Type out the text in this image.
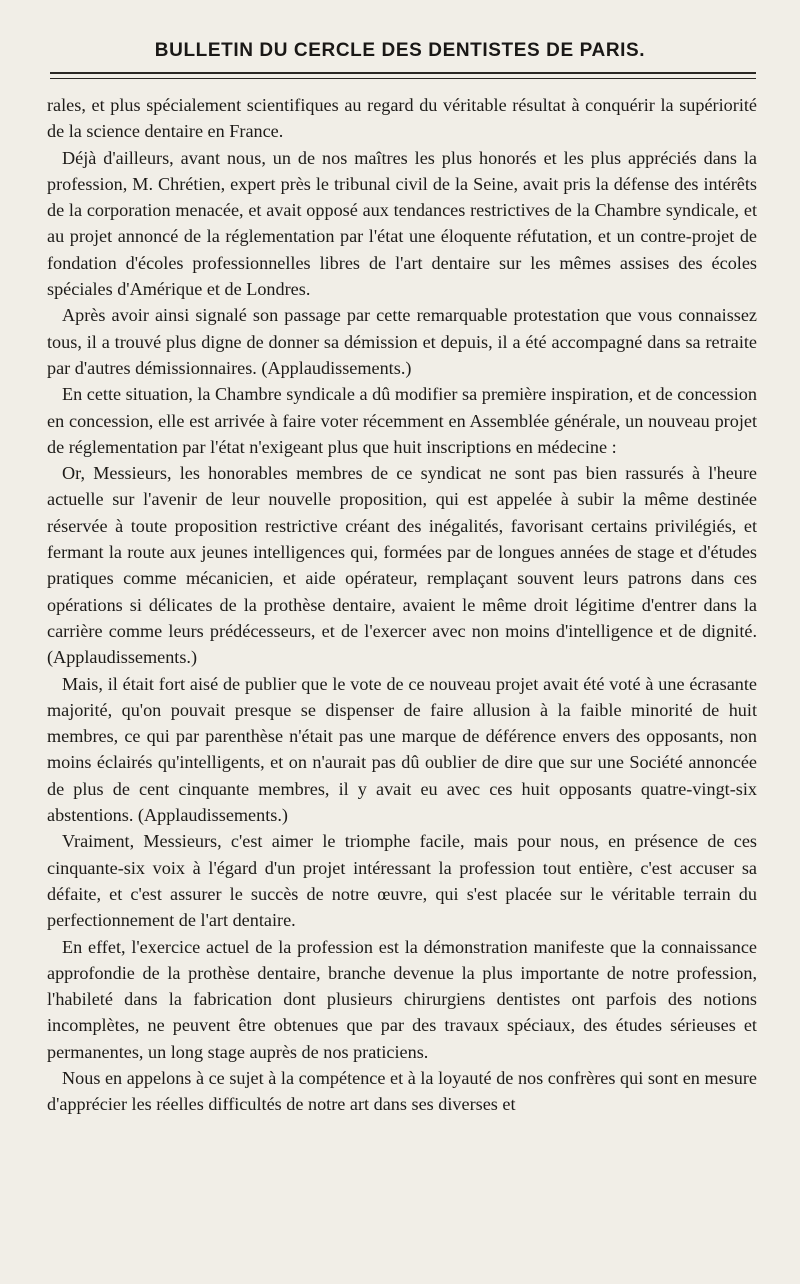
BULLETIN DU CERCLE DES DENTISTES DE PARIS.

rales, et plus spécialement scientifiques au regard du véritable résultat à conquérir la supériorité de la science dentaire en France.

Déjà d'ailleurs, avant nous, un de nos maîtres les plus honorés et les plus appréciés dans la profession, M. Chrétien, expert près le tribunal civil de la Seine, avait pris la défense des intérêts de la corporation menacée, et avait opposé aux tendances restrictives de la Chambre syndicale, et au projet annoncé de la réglementation par l'état une éloquente réfutation, et un contre-projet de fondation d'écoles professionnelles libres de l'art dentaire sur les mêmes assises des écoles spéciales d'Amérique et de Londres.

Après avoir ainsi signalé son passage par cette remarquable protestation que vous connaissez tous, il a trouvé plus digne de donner sa démission et depuis, il a été accompagné dans sa retraite par d'autres démissionnaires. (Applaudissements.)

En cette situation, la Chambre syndicale a dû modifier sa première inspiration, et de concession en concession, elle est arrivée à faire voter récemment en Assemblée générale, un nouveau projet de réglementation par l'état n'exigeant plus que huit inscriptions en médecine :

Or, Messieurs, les honorables membres de ce syndicat ne sont pas bien rassurés à l'heure actuelle sur l'avenir de leur nouvelle proposition, qui est appelée à subir la même destinée réservée à toute proposition restrictive créant des inégalités, favorisant certains privilégiés, et fermant la route aux jeunes intelligences qui, formées par de longues années de stage et d'études pratiques comme mécanicien, et aide opérateur, remplaçant souvent leurs patrons dans ces opérations si délicates de la prothèse dentaire, avaient le même droit légitime d'entrer dans la carrière comme leurs prédécesseurs, et de l'exercer avec non moins d'intelligence et de dignité. (Applaudissements.)

Mais, il était fort aisé de publier que le vote de ce nouveau projet avait été voté à une écrasante majorité, qu'on pouvait presque se dispenser de faire allusion à la faible minorité de huit membres, ce qui par parenthèse n'était pas une marque de déférence envers des opposants, non moins éclairés qu'intelligents, et on n'aurait pas dû oublier de dire que sur une Société annoncée de plus de cent cinquante membres, il y avait eu avec ces huit opposants quatre-vingt-six abstentions. (Applaudissements.)

Vraiment, Messieurs, c'est aimer le triomphe facile, mais pour nous, en présence de ces cinquante-six voix à l'égard d'un projet intéressant la profession tout entière, c'est accuser sa défaite, et c'est assurer le succès de notre œuvre, qui s'est placée sur le véritable terrain du perfectionnement de l'art dentaire.

En effet, l'exercice actuel de la profession est la démonstration manifeste que la connaissance approfondie de la prothèse dentaire, branche devenue la plus importante de notre profession, l'habileté dans la fabrication dont plusieurs chirurgiens dentistes ont parfois des notions incomplètes, ne peuvent être obtenues que par des travaux spéciaux, des études sérieuses et permanentes, un long stage auprès de nos praticiens.

Nous en appelons à ce sujet à la compétence et à la loyauté de nos confrères qui sont en mesure d'apprécier les réelles difficultés de notre art dans ses diverses et
